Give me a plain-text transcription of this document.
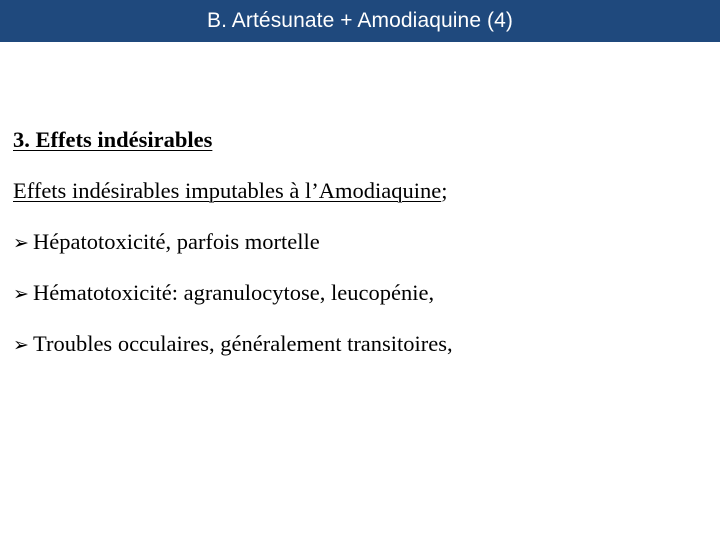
B. Artésunate + Amodiaquine (4)
3. Effets indésirables
Effets indésirables imputables à l’Amodiaquine;
➢ Hépatotoxicité, parfois mortelle
➢ Hématotoxicité: agranulocytose, leucopénie,
➢ Troubles occulaires, généralement transitoires,
